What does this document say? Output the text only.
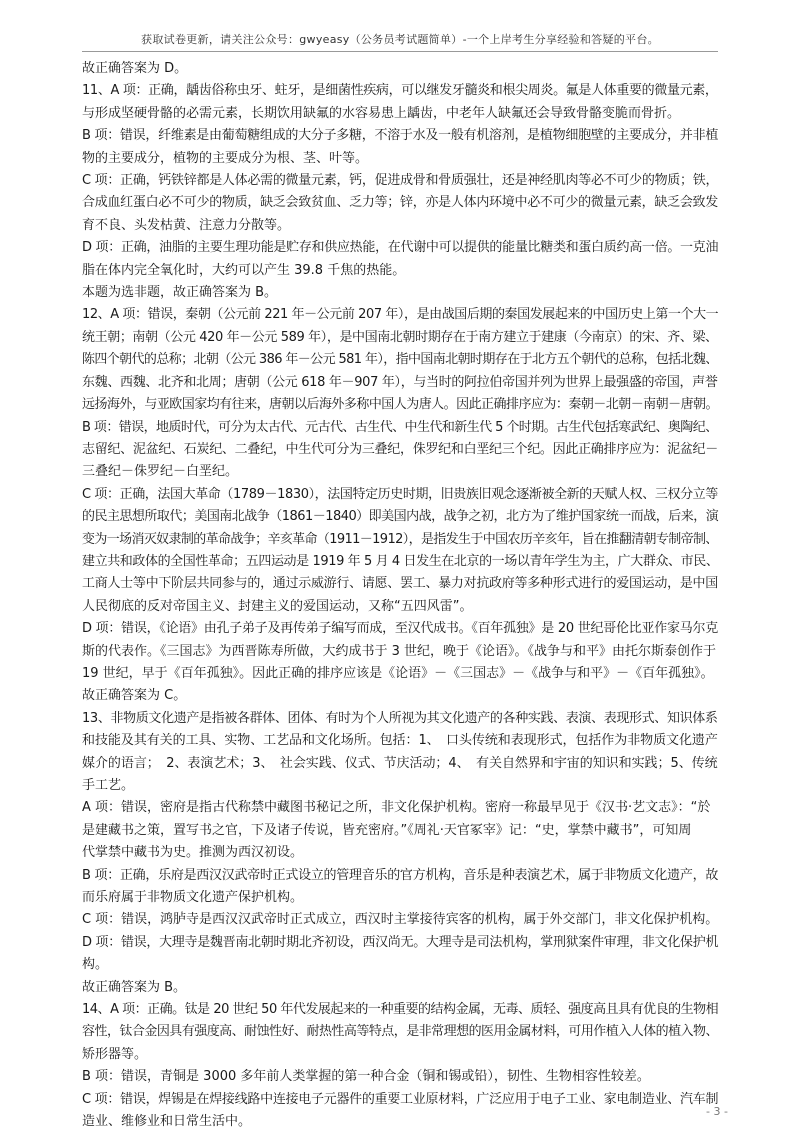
获取试卷更新，请关注公众号：gwyeasy（公务员考试题简单）-一个上岸考生分享经验和答疑的平台。

故正确答案为 D。

11、A 项：正确，龋齿俗称虫牙、蛀牙，是细菌性疾病，可以继发牙髓炎和根尖周炎。氟是人体重要的微量元素，

与形成坚硬骨骼的必需元素，长期饮用缺氟的水容易患上龋齿，中老年人缺氟还会导致骨骼变脆而骨折。

B 项：错误，纤维素是由葡萄糖组成的大分子多糖，不溶于水及一般有机溶剂，是植物细胞壁的主要成分，并非植

物的主要成分，植物的主要成分为根、茎、叶等。

C 项：正确，钙铁锌都是人体必需的微量元素，钙，促进成骨和骨质强壮，还是神经肌肉等必不可少的物质；铁，

合成血红蛋白必不可少的物质，缺乏会致贫血、乏力等；锌，亦是人体内环境中必不可少的微量元素，缺乏会致发

育不良、头发枯黄、注意力分散等。

D 项：正确，油脂的主要生理功能是贮存和供应热能，在代谢中可以提供的能量比糖类和蛋白质约高一倍。一克油

脂在体内完全氧化时，大约可以产生 39.8 千焦的热能。

本题为选非题，故正确答案为 B。

12、A 项：错误，秦朝（公元前 221 年－公元前 207 年），是由战国后期的秦国发展起来的中国历史上第一个大一

统王朝；南朝（公元 420 年－公元 589 年），是中国南北朝时期存在于南方建立于建康（今南京）的宋、齐、梁、

陈四个朝代的总称；北朝（公元 386 年－公元 581 年），指中国南北朝时期存在于北方五个朝代的总称，包括北魏、

东魏、西魏、北齐和北周；唐朝（公元 618 年－907 年），与当时的阿拉伯帝国并列为世界上最强盛的帝国，声誉

远扬海外，与亚欧国家均有往来，唐朝以后海外多称中国人为唐人。因此正确排序应为：秦朝－北朝－南朝－唐朝。

B 项：错误，地质时代，可分为太古代、元古代、古生代、中生代和新生代 5 个时期。古生代包括寒武纪、奥陶纪、

志留纪、泥盆纪、石炭纪、二叠纪，中生代可分为三叠纪，侏罗纪和白垩纪三个纪。因此正确排序应为：泥盆纪－

三叠纪－侏罗纪－白垩纪。

C 项：正确，法国大革命（1789－1830），法国特定历史时期，旧贵族旧观念逐渐被全新的天赋人权、三权分立等

的民主思想所取代；美国南北战争（1861－1840）即美国内战，战争之初，北方为了维护国家统一而战，后来，演

变为一场消灭奴隶制的革命战争；辛亥革命（1911－1912），是指发生于中国农历辛亥年，旨在推翻清朝专制帝制、

建立共和政体的全国性革命；五四运动是 1919 年 5 月 4 日发生在北京的一场以青年学生为主，广大群众、市民、

工商人士等中下阶层共同参与的，通过示威游行、请愿、罢工、暴力对抗政府等多种形式进行的爱国运动，是中国

人民彻底的反对帝国主义、封建主义的爱国运动，又称“五四风雷”。

D 项：错误，《论语》由孔子弟子及再传弟子编写而成，至汉代成书。《百年孤独》是 20 世纪哥伦比亚作家马尔克

斯的代表作。《三国志》为西晋陈寿所做，大约成书于 3 世纪，晚于《论语》。《战争与和平》由托尔斯泰创作于

19 世纪，早于《百年孤独》。因此正确的排序应该是《论语》－《三国志》－《战争与和平》－《百年孤独》。

故正确答案为 C。

13、非物质文化遗产是指被各群体、团体、有时为个人所视为其文化遗产的各种实践、表演、表现形式、知识体系

和技能及其有关的工具、实物、工艺品和文化场所。包括：1、　口头传统和表现形式，包括作为非物质文化遗产

媒介的语言；　2、表演艺术；3、　社会实践、仪式、节庆活动；4、　有关自然界和宇宙的知识和实践；5、传统

手工艺。

A 项：错误，密府是指古代称禁中藏图书秘记之所，非文化保护机构。密府一称最早见于《汉书·艺文志》：“於

是建藏书之策，置写书之官，下及诸子传说，皆充密府。”《周礼·天官冢宰》记：“史，掌禁中藏书”，可知周

代掌禁中藏书为史。推测为西汉初设。

B 项：正确，乐府是西汉汉武帝时正式设立的管理音乐的官方机构，音乐是种表演艺术，属于非物质文化遗产，故

而乐府属于非物质文化遗产保护机构。

C 项：错误，鸿胪寺是西汉汉武帝时正式成立，西汉时主掌接待宾客的机构，属于外交部门，非文化保护机构。

D 项：错误，大理寺是魏晋南北朝时期北齐初设，西汉尚无。大理寺是司法机构，掌刑狱案件审理，非文化保护机

构。

故正确答案为 B。

14、A 项：正确。钛是 20 世纪 50 年代发展起来的一种重要的结构金属，无毒、质轻、强度高且具有优良的生物相

容性，钛合金因具有强度高、耐蚀性好、耐热性高等特点，是非常理想的医用金属材料，可用作植入人体的植入物、

矫形器等。

B 项：错误，青铜是 3000 多年前人类掌握的第一种合金（铜和锡或铅），韧性、生物相容性较差。

C 项：错误，焊锡是在焊接线路中连接电子元器件的重要工业原材料，广泛应用于电子工业、家电制造业、汽车制

造业、维修业和日常生活中。

- 3 -
